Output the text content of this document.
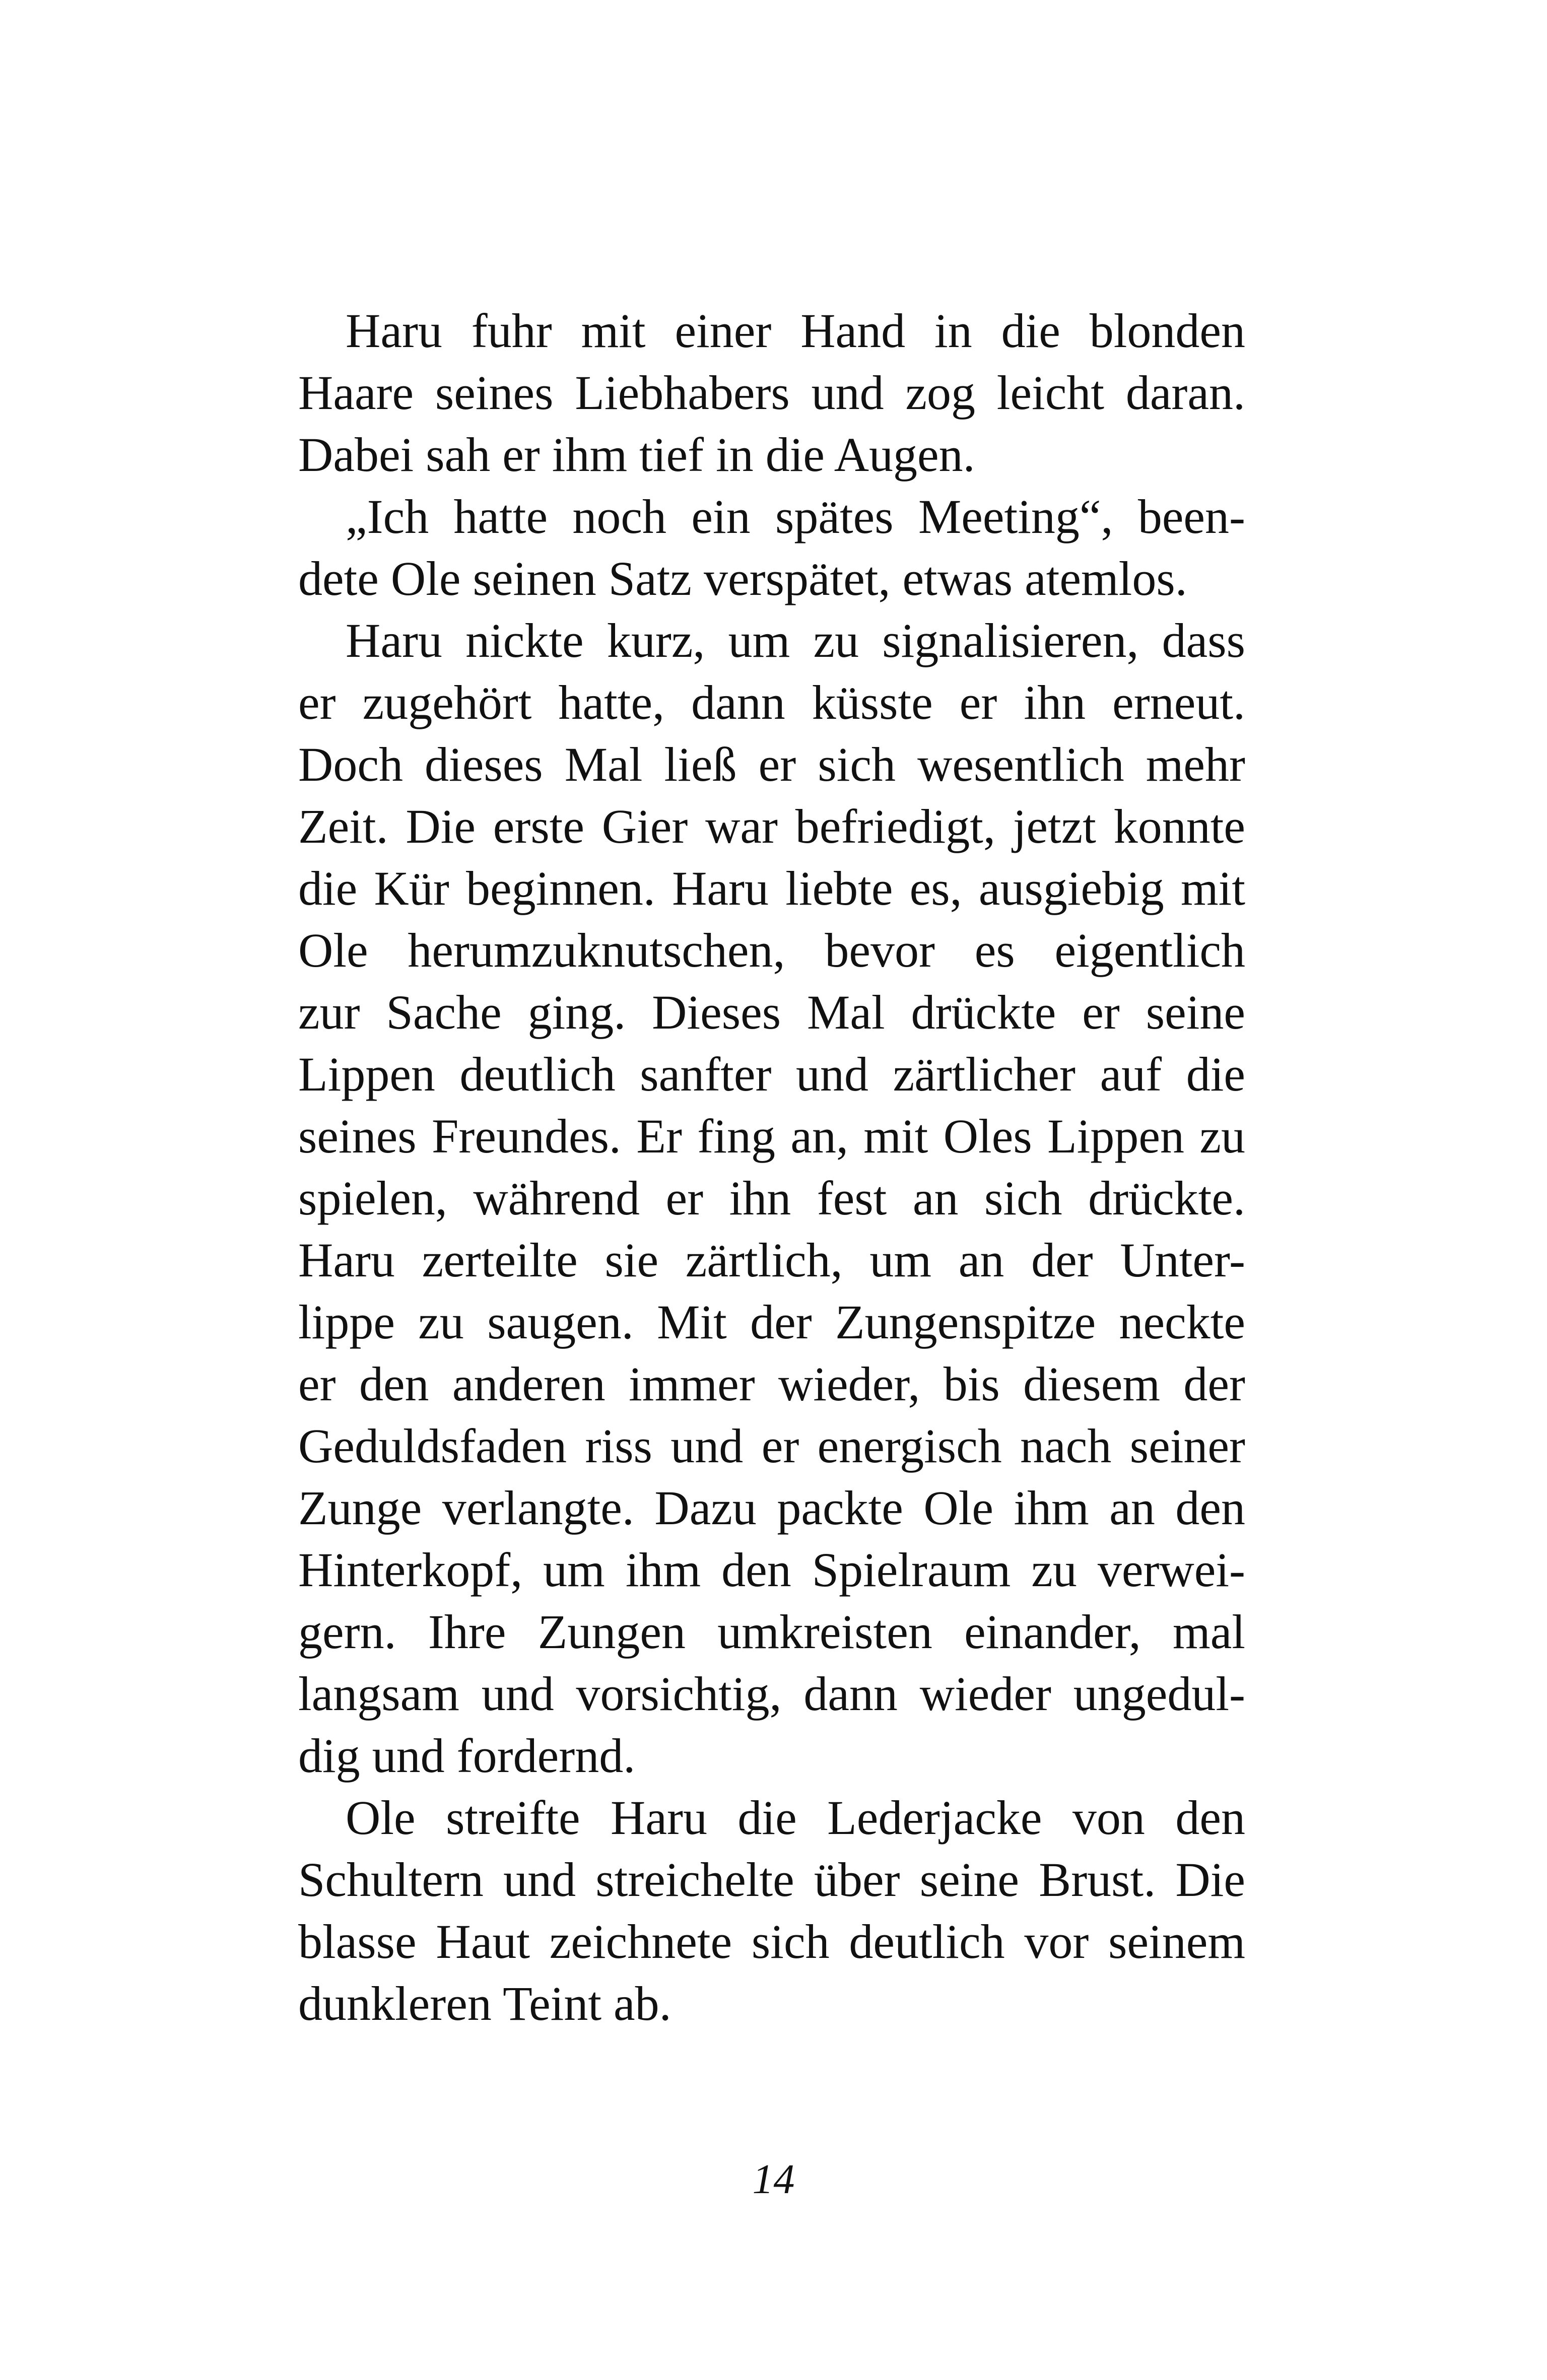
Haru fuhr mit einer Hand in die blonden
Haare seines Liebhabers und zog leicht daran.
Dabei sah er ihm tief in die Augen.
„Ich hatte noch ein spätes Meeting“, been-
dete Ole seinen Satz verspätet, etwas atemlos.
Haru nickte kurz, um zu signalisieren, dass
er zugehört hatte, dann küsste er ihn erneut.
Doch dieses Mal ließ er sich wesentlich mehr
Zeit. Die erste Gier war befriedigt, jetzt konnte
die Kür beginnen. Haru liebte es, ausgiebig mit
Ole herumzuknutschen, bevor es eigentlich
zur Sache ging. Dieses Mal drückte er seine
Lippen deutlich sanfter und zärtlicher auf die
seines Freundes. Er fing an, mit Oles Lippen zu
spielen, während er ihn fest an sich drückte.
Haru zerteilte sie zärtlich, um an der Unter-
lippe zu saugen. Mit der Zungenspitze neckte
er den anderen immer wieder, bis diesem der
Geduldsfaden riss und er energisch nach seiner
Zunge verlangte. Dazu packte Ole ihm an den
Hinterkopf, um ihm den Spielraum zu verwei-
gern. Ihre Zungen umkreisten einander, mal
langsam und vorsichtig, dann wieder ungedul-
dig und fordernd.
Ole streifte Haru die Lederjacke von den
Schultern und streichelte über seine Brust. Die
blasse Haut zeichnete sich deutlich vor seinem
dunkleren Teint ab.
14
